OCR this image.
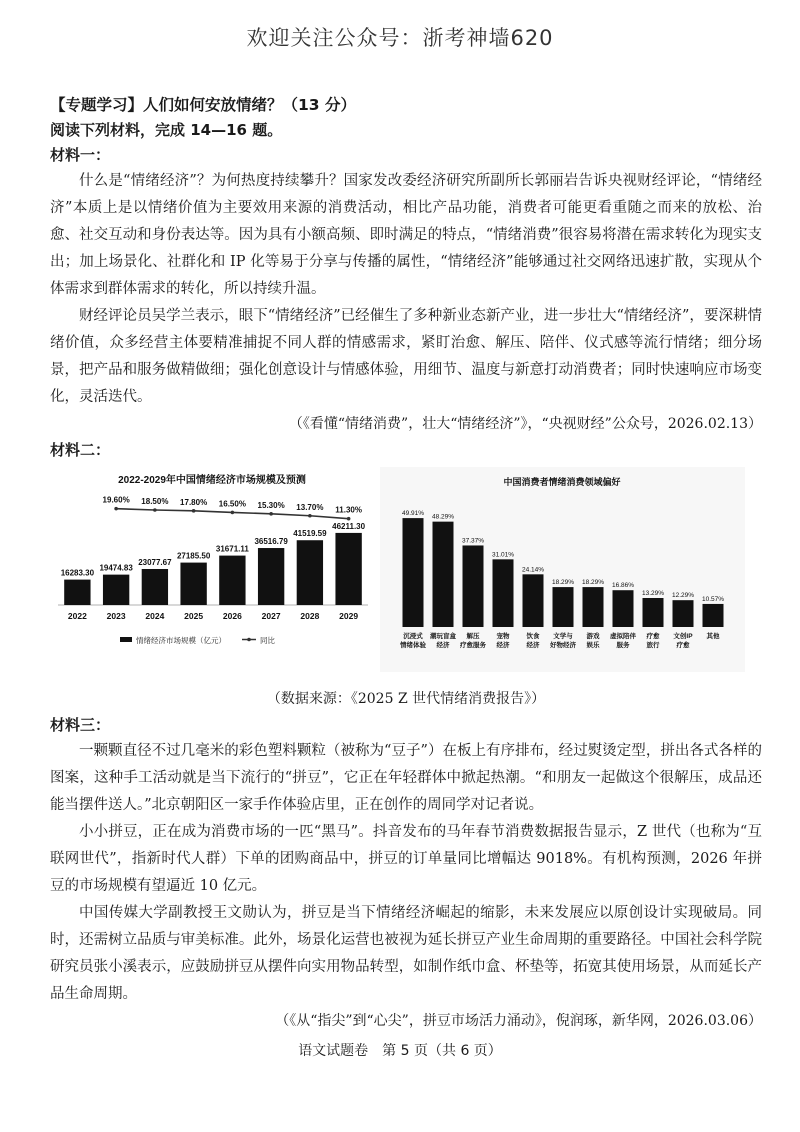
欢迎关注公众号：浙考神墙620
【专题学习】人们如何安放情绪？（13 分）
阅读下列材料，完成 14—16 题。
材料一：

什么是“情绪经济”？为何热度持续攀升？国家发改委经济研究所副所长郭丽岩告诉央视财经评论，“情绪经济”本质上是以情绪价值为主要效用来源的消费活动，相比产品功能，消费者可能更看重随之而来的放松、治愈、社交互动和身份表达等。因为具有小额高频、即时满足的特点，“情绪消费”很容易将潜在需求转化为现实支出；加上场景化、社群化和 IP 化等易于分享与传播的属性，“情绪经济”能够通过社交网络迅速扩散，实现从个体需求到群体需求的转化，所以持续升温。

财经评论员吴学兰表示，眼下“情绪经济”已经催生了多种新业态新产业，进一步壮大“情绪经济”，要深耕情绪价值，众多经营主体要精准捕捉不同人群的情感需求，紧盯治愈、解压、陪伴、仪式感等流行情绪；细分场景，把产品和服务做精做细；强化创意设计与情感体验，用细节、温度与新意打动消费者；同时快速响应市场变化，灵活迭代。

（《看懂“情绪消费”，壮大“情绪经济”》，“央视财经”公众号，2026.02.13）

材料二：
2022-2029年中国情绪经济市场规模及预测
16283.30
2022
19474.83
2023
23077.67
2024
27185.50
2025
31671.11
2026
36516.79
2027
41519.59
2028
46211.30
2029
19.60% 18.50% 17.80% 16.50% 15.30% 13.70% 11.30%
情绪经济市场规模（亿元）	同比
中国消费者情绪消费领域偏好
49.91%
沉浸式
情绪体验
48.29%
潮玩盲盒
经济
37.37%
解压
疗愈服务
31.01%
宠物
经济
24.14%
饮食
经济
18.29%
文学与
好物经济
18.29%
游戏
娱乐
16.86%
虚拟陪伴
服务
13.29%
疗愈
旅行
12.29%
文创IP
疗愈
10.57%
其他
（数据来源：《2025 Z 世代情绪消费报告》）
材料三：

一颗颗直径不过几毫米的彩色塑料颗粒（被称为“豆子”）在板上有序排布，经过熨烫定型，拼出各式各样的图案，这种手工活动就是当下流行的“拼豆”，它正在年轻群体中掀起热潮。“和朋友一起做这个很解压，成品还能当摆件送人。”北京朝阳区一家手作体验店里，正在创作的周同学对记者说。

小小拼豆，正在成为消费市场的一匹“黑马”。抖音发布的马年春节消费数据报告显示，Z 世代（也称为“互联网世代”，指新时代人群）下单的团购商品中，拼豆的订单量同比增幅达 9018%。有机构预测，2026 年拼豆的市场规模有望逼近 10 亿元。

中国传媒大学副教授王文勋认为，拼豆是当下情绪经济崛起的缩影，未来发展应以原创设计实现破局。同时，还需树立品质与审美标准。此外，场景化运营也被视为延长拼豆产业生命周期的重要路径。中国社会科学院研究员张小溪表示，应鼓励拼豆从摆件向实用物品转型，如制作纸巾盒、杯垫等，拓宽其使用场景，从而延长产品生命周期。

（《从“指尖”到“心尖”，拼豆市场活力涌动》，倪润琢，新华网，2026.03.06）

语文试题卷　第 5 页（共 6 页）
